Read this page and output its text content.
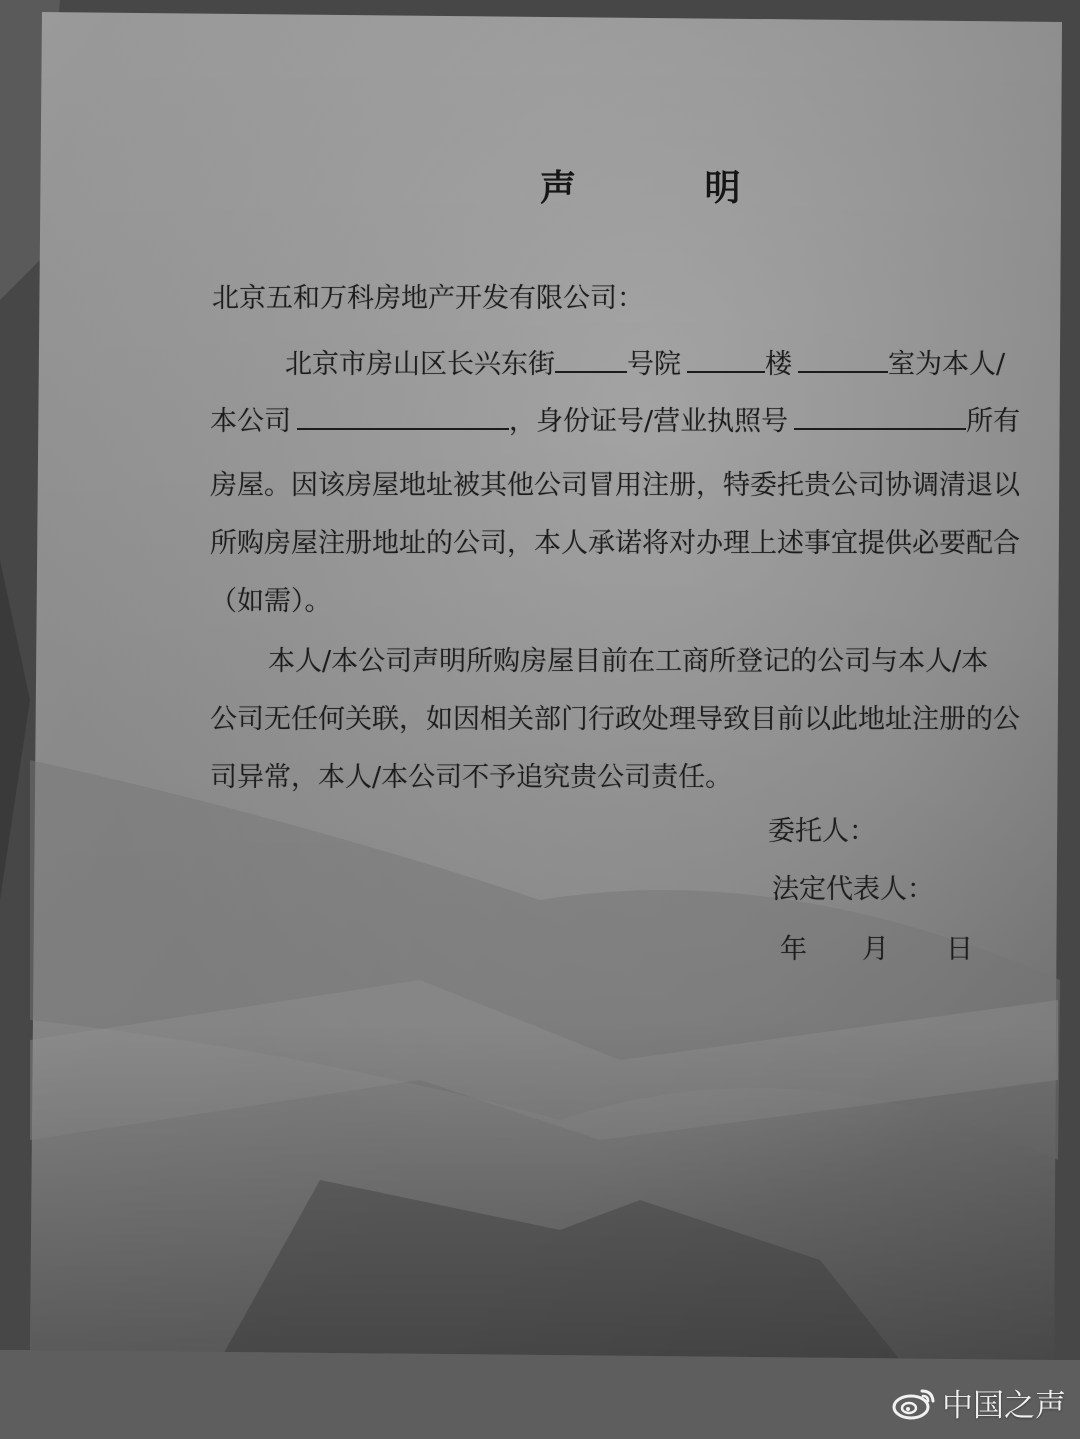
声 明
北京五和万科房地产开发有限公司：
北京市房山区长兴东街	号院	楼	室为本人/
本公司	，身份证号/营业执照号	所有
房屋。因该房屋地址被其他公司冒用注册，特委托贵公司协调清退以
所购房屋注册地址的公司，本人承诺将对办理上述事宜提供必要配合
（如需）。
本人/本公司声明所购房屋目前在工商所登记的公司与本人/本
公司无任何关联，如因相关部门行政处理导致目前以此地址注册的公
司异常，本人/本公司不予追究贵公司责任。
委托人：
法定代表人：
年 月 日
中国之声
